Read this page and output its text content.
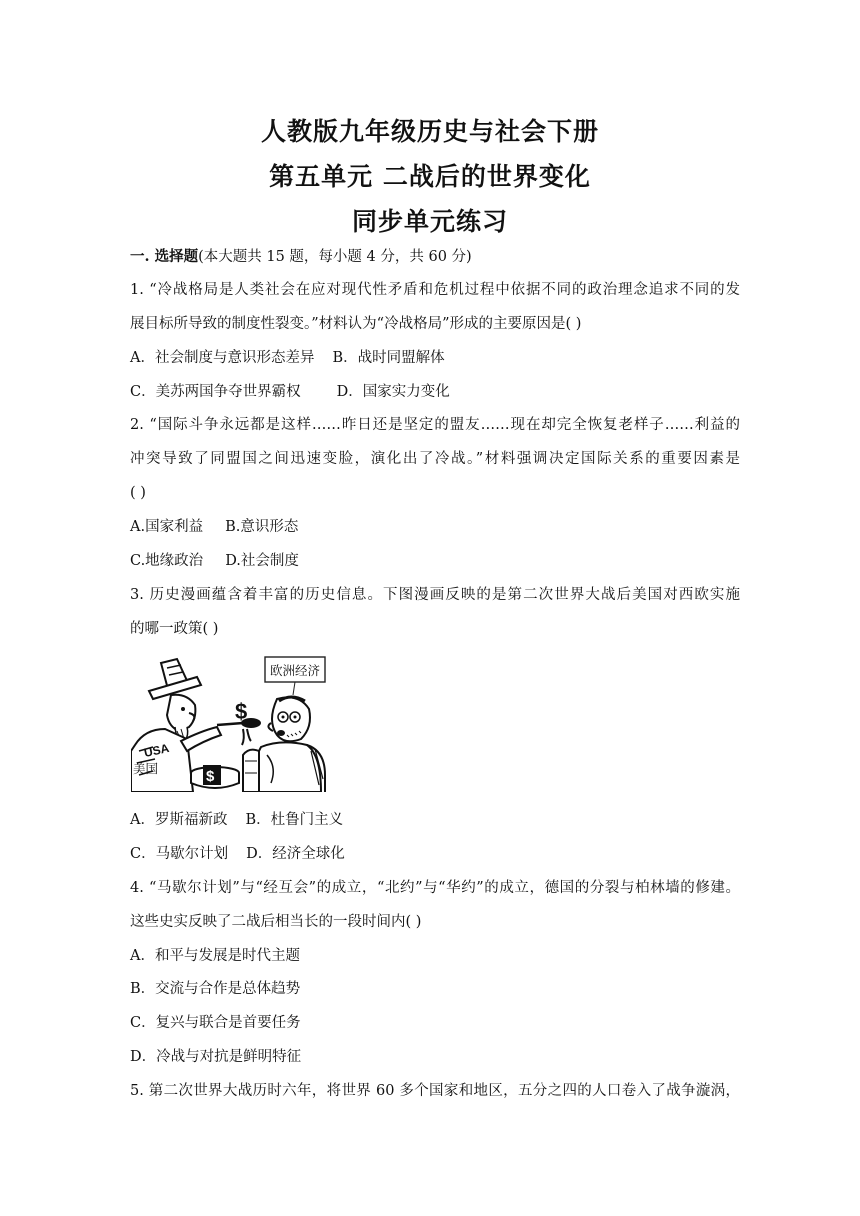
人教版九年级历史与社会下册
第五单元 二战后的世界变化
同步单元练习
一. 选择题(本大题共 15 题，每小题 4 分，共 60 分)
1. “冷战格局是人类社会在应对现代性矛盾和危机过程中依据不同的政治理念追求不同的发
展目标所导致的制度性裂变。”材料认为“冷战格局”形成的主要原因是( )
A．社会制度与意识形态差异 B．战时同盟解体
C．美苏两国争夺世界霸权 D．国家实力变化
2. “国际斗争永远都是这样……昨日还是坚定的盟友……现在却完全恢复老样子……利益的
冲突导致了同盟国之间迅速变脸，演化出了冷战。”材料强调决定国际关系的重要因素是
( )
A.国家利益 B.意识形态
C.地缘政治 D.社会制度
3. 历史漫画蕴含着丰富的历史信息。下图漫画反映的是第二次世界大战后美国对西欧实施
的哪一政策( )
欧洲经济
USA
$
$
美国
A．罗斯福新政 B．杜鲁门主义
C．马歇尔计划 D．经济全球化
4. “马歇尔计划”与“经互会”的成立，“北约”与“华约”的成立，德国的分裂与柏林墙的修建。
这些史实反映了二战后相当长的一段时间内( )
A．和平与发展是时代主题
B．交流与合作是总体趋势
C．复兴与联合是首要任务
D．冷战与对抗是鲜明特征
5. 第二次世界大战历时六年，将世界 60 多个国家和地区，五分之四的人口卷入了战争漩涡，
